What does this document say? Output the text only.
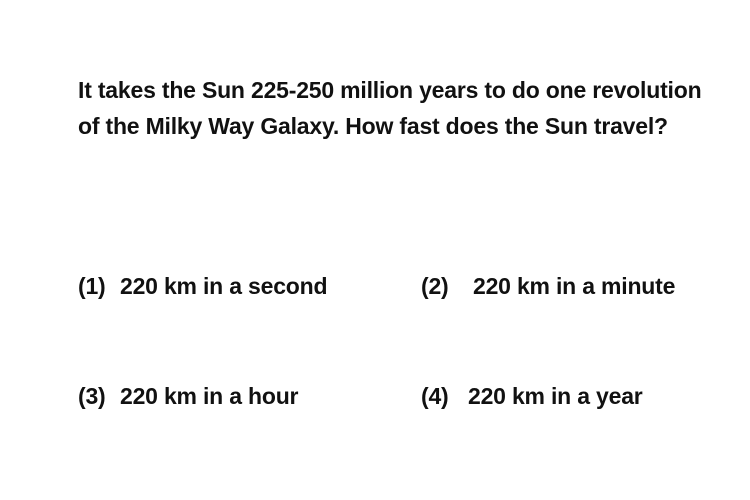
It takes the Sun 225-250 million years to do one revolution
of the Milky Way Galaxy. How fast does the Sun travel?
(1) 220 km in a second	(2) 220 km in a minute
(3) 220 km in a hour	(4) 220 km in a year
